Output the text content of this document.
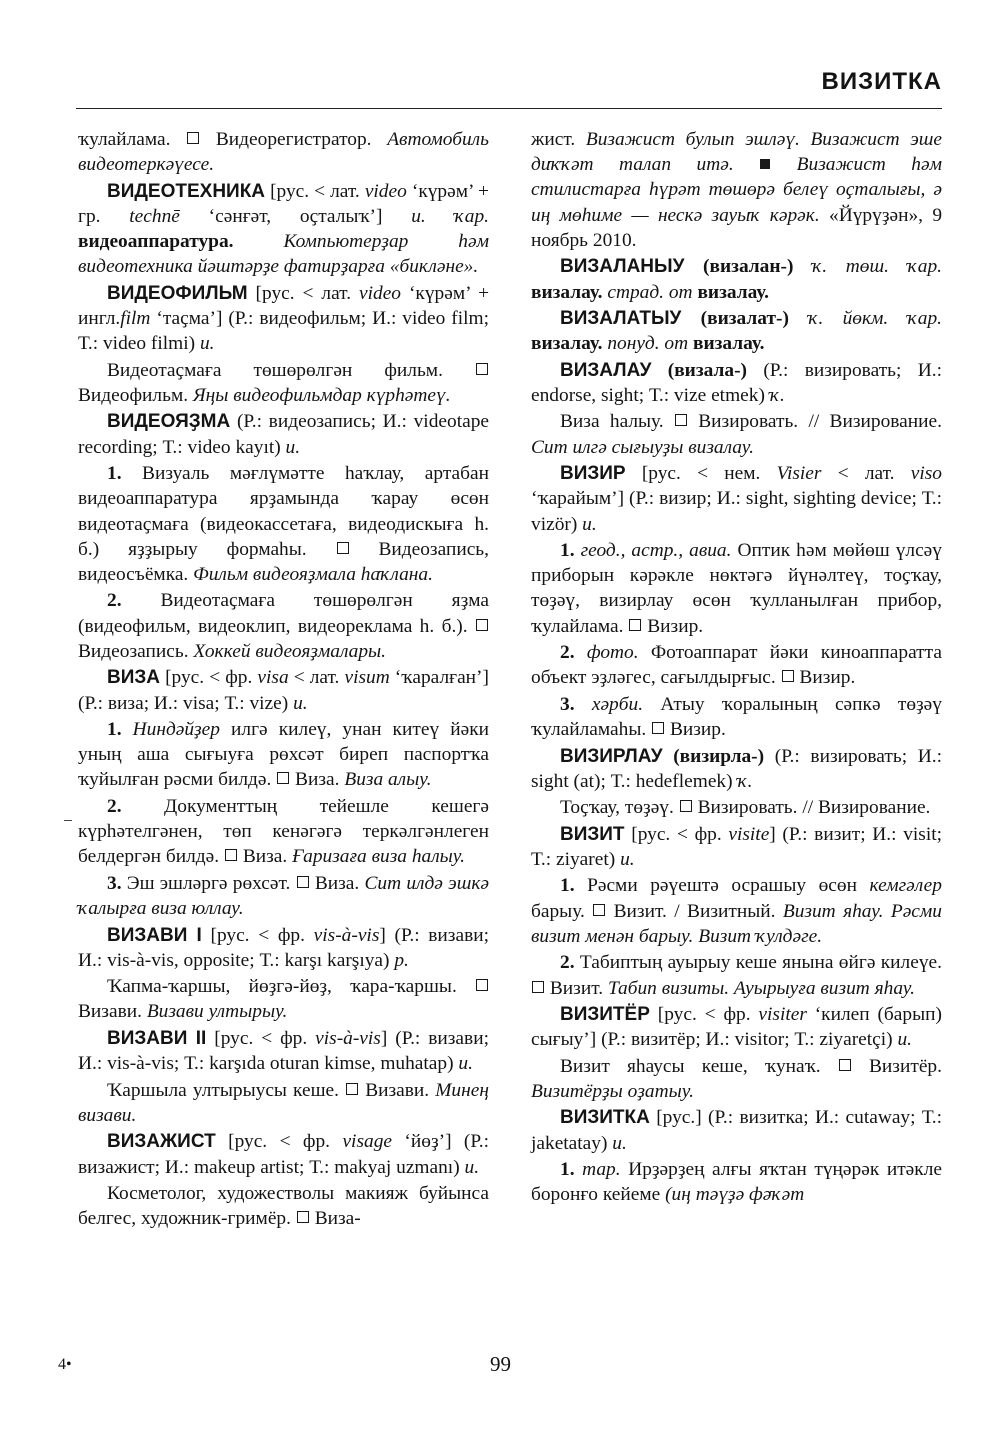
ВИЗИТКА

ҡулайлама. Видеорегистратор. Автомобиль видеотеркәүесе.

ВИДЕОТЕХНИКА [рус. < лат. video ‘күрәм’ + гр. technē ‘сәнғәт, оҫталыҡ’] и. ҡар. видеоаппаратура.	Компьютерҙар һәм видеотехника йәштәрҙе фатирҙарға «бикләне».

ВИДЕОФИЛЬМ [рус. < лат. video ‘күрәм’ + ингл.film ‘таҫма’] (Р.: видеофильм; И.: video film; Т.: video filmi) и.

Видеотаҫмаға төшөрөлгән фильм.  Видеофильм. Яңы видеофильмдар күрһәтеү.

ВИДЕОЯҘМА (Р.: видеозапись; И.: videotape recording; Т.: video kayıt) и.

1. Визуаль мәғлүмәтте һаҡлау, артабан видеоаппаратура ярҙамында ҡарау өсөн видеотаҫмаға (видеокассетаға, видеодискыға һ. б.) яҙҙырыу формаһы.	Видеозапись, видеосъёмка. Фильм видеояҙмала һаҡлана.

2. Видеотаҫмаға төшөрөлгән яҙма (видеофильм, видеоклип, видеореклама һ. б.).  Видеозапись. Хоккей видеояҙмалары.

ВИЗА [рус. < фр. visa < лат. visum ‘ҡаралған’] (Р.: виза; И.: visa; Т.: vize) и.

1. Ниндәйҙер илгә килеү, унан китеү йәки уның аша сығыуға рөхсәт биреп паспортҡа ҡуйылған рәсми билдә. Виза. Виза алыу.

2. Документтың тейешле кешегә күрһәтелгәнен, төп кенәгәгә теркәлгәнлеген белдергән билдә. Виза. Ғаризаға виза һалыу.

3. Эш эшләргә рөхсәт. Виза. Сит илдә эшкә ҡалырға виза юллау.

ВИЗАВИ I [рус. < фр. vis-à-vis] (Р.: визави; И.: vis-à-vis, opposite; Т.: karşı karşıya) р.

Ҡапма-ҡаршы, йөҙгә-йөҙ, ҡара-ҡаршы.  Визави. Визави ултырыу.

ВИЗАВИ II [рус. < фр. vis-à-vis] (Р.: визави; И.: vis-à-vis; Т.: karşıda oturan kimse, muhatap) и.

Ҡаршыла ултырыусы кеше. Визави. Минең визави.

ВИЗАЖИСТ [рус. < фр. visage ‘йөҙ’] (Р.: визажист; И.: makeup artist; Т.: makyaj uzmanı) и.

Косметолог, художестволы макияж буйынса белгес, художник-гримёр. Виза-

жист. Визажист булып эшләү. Визажист эше диҡҡәт талап итә.	Визажист һәм стилистарға һүрәт төшөрә белеү оҫталығы, ә иң мөһиме — нескә зауыҡ кәрәк. «Йүрүҙән», 9 ноябрь 2010.

ВИЗАЛАНЫУ (визалан-) ҡ. төш. ҡар. визалау. страд. от визалау.

ВИЗАЛАТЫУ (визалат-) ҡ. йөкм. ҡар. визалау. понуд. от визалау.

ВИЗАЛАУ (визала-) (Р.: визировать; И.: endorse, sight; Т.: vize etmek) ҡ.

Виза һалыу. Визировать. // Визирование. Сит илгә сығыуҙы визалау.

ВИЗИР [рус. < нем. Visier < лат. viso ‘ҡарайым’] (Р.: визир; И.: sight, sighting device; Т.: vizör) и.

1. геод., астр., авиа. Оптик һәм мөйөш үлсәү приборын кәрәкле нөктәгә йүнәлтеү, тоҫҡау, төҙәү, визирлау өсөн ҡулланылған прибор, ҡулайлама. Визир.

2. фото. Фотоаппарат йәки киноаппаратта объект эҙләгес, сағылдырғыс. Визир.

3. хәрби. Атыу ҡоралының сәпкә төҙәү ҡулайламаһы. Визир.

ВИЗИРЛАУ (визирла-) (Р.: визировать; И.: sight (at); Т.: hedeflemek) ҡ.

Тоҫҡау, төҙәү. Визировать. // Визирование.

ВИЗИТ [рус. < фр. visite] (Р.: визит; И.: visit; Т.: ziyaret) и.

1. Рәсми рәүештә осрашыу өсөн кемгәлер барыу. Визит. / Визитный. Визит яһау. Рәсми визит менән барыу. Визит ҡулдәге.

2. Табиптың ауырыу кеше янына өйгә килеүе.  Визит. Табип визиты. Ауырыуға визит яһау.

ВИЗИТЁР [рус. < фр. visiter ‘килеп (барып) сығыу’] (Р.: визитёр; И.: visitor; Т.: ziyaretçi) и.

Визит яһаусы кеше, ҡунаҡ. Визитёр. Визитёрҙы оҙатыу.

ВИЗИТКА [рус.] (Р.: визитка; И.: cutaway; Т.: jaketatay) и.

1. тар. Ирҙәрҙең алғы яҡтан түңәрәк итәкле боронғо кейеме (иң тәүҙә фәҡәт

4•	99
